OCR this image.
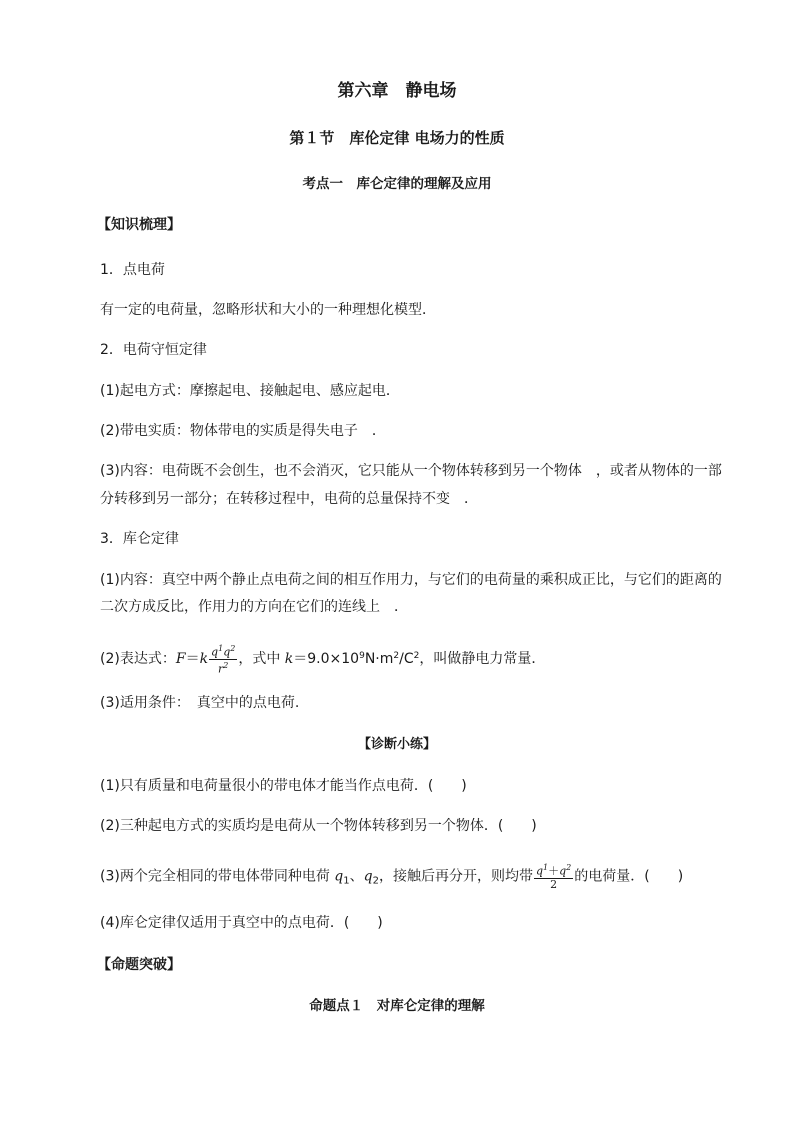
第六章　静电场
第１节　库伦定律 电场力的性质
考点一　库仑定律的理解及应用
【知识梳理】
1．点电荷
有一定的电荷量，忽略形状和大小的一种理想化模型．
2．电荷守恒定律
(1)起电方式：摩擦起电、接触起电、感应起电．
(2)带电实质：物体带电的实质是得失电子　．
(3)内容：电荷既不会创生，也不会消灭，它只能从一个物体转移到另一个物体　，或者从物体的一部
分转移到另一部分；在转移过程中，电荷的总量保持不变　．
3．库仑定律
(1)内容：真空中两个静止点电荷之间的相互作用力，与它们的电荷量的乘积成正比，与它们的距离的
二次方成反比，作用力的方向在它们的连线上　．
(2)表达式：$F=k \frac{q^1q^2}{r^2}$ ，式中 $k=9.0\times 10^9N\cdot m^2/C^2$，叫做静电力常量．
(3)适用条件：　真空中的点电荷.
【诊断小练】
(1)只有质量和电荷量很小的带电体才能当作点电荷．(　　)
(2)三种起电方式的实质均是电荷从一个物体转移到另一个物体．(　　)
(3)两个完全相同的带电体带同种电荷 $q_1$、$q_2$，接触后再分开，则均带 $\frac{q^1+q^2}{2}$ 的电荷量．(　　)
(4)库仑定律仅适用于真空中的点电荷．(　　)
【命题突破】
命题点１　对库仑定律的理解
